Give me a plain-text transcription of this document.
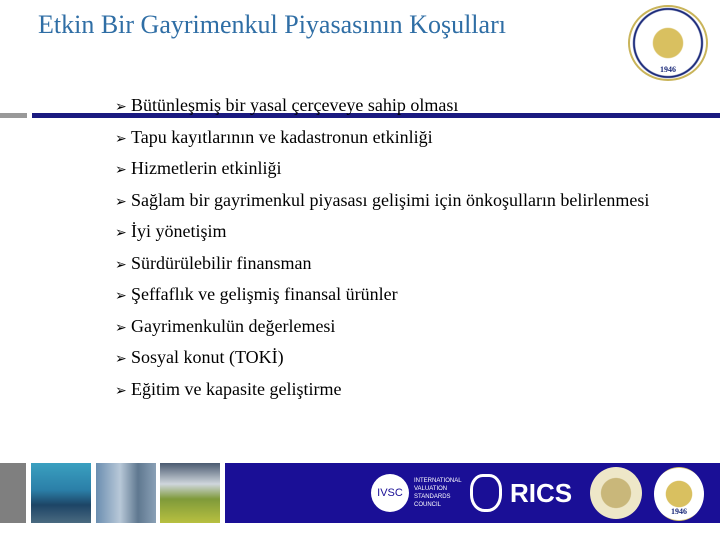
Etkin Bir Gayrimenkul Piyasasının Koşulları
1946
➢ Bütünleşmiş bir yasal çerçeveye sahip olması
➢ Tapu kayıtlarının ve kadastronun etkinliği
➢ Hizmetlerin etkinliği
➢ Sağlam bir gayrimenkul piyasası gelişimi için önkoşulların belirlenmesi
➢ İyi yönetişim
➢ Sürdürülebilir finansman
➢ Şeffaflık ve gelişmiş finansal ürünler
➢ Gayrimenkulün değerlemesi
➢ Sosyal konut (TOKİ)
➢ Eğitim ve kapasite geliştirme
IVSC
INTERNATIONAL
VALUATION
STANDARDS
COUNCIL	RICS
1946
